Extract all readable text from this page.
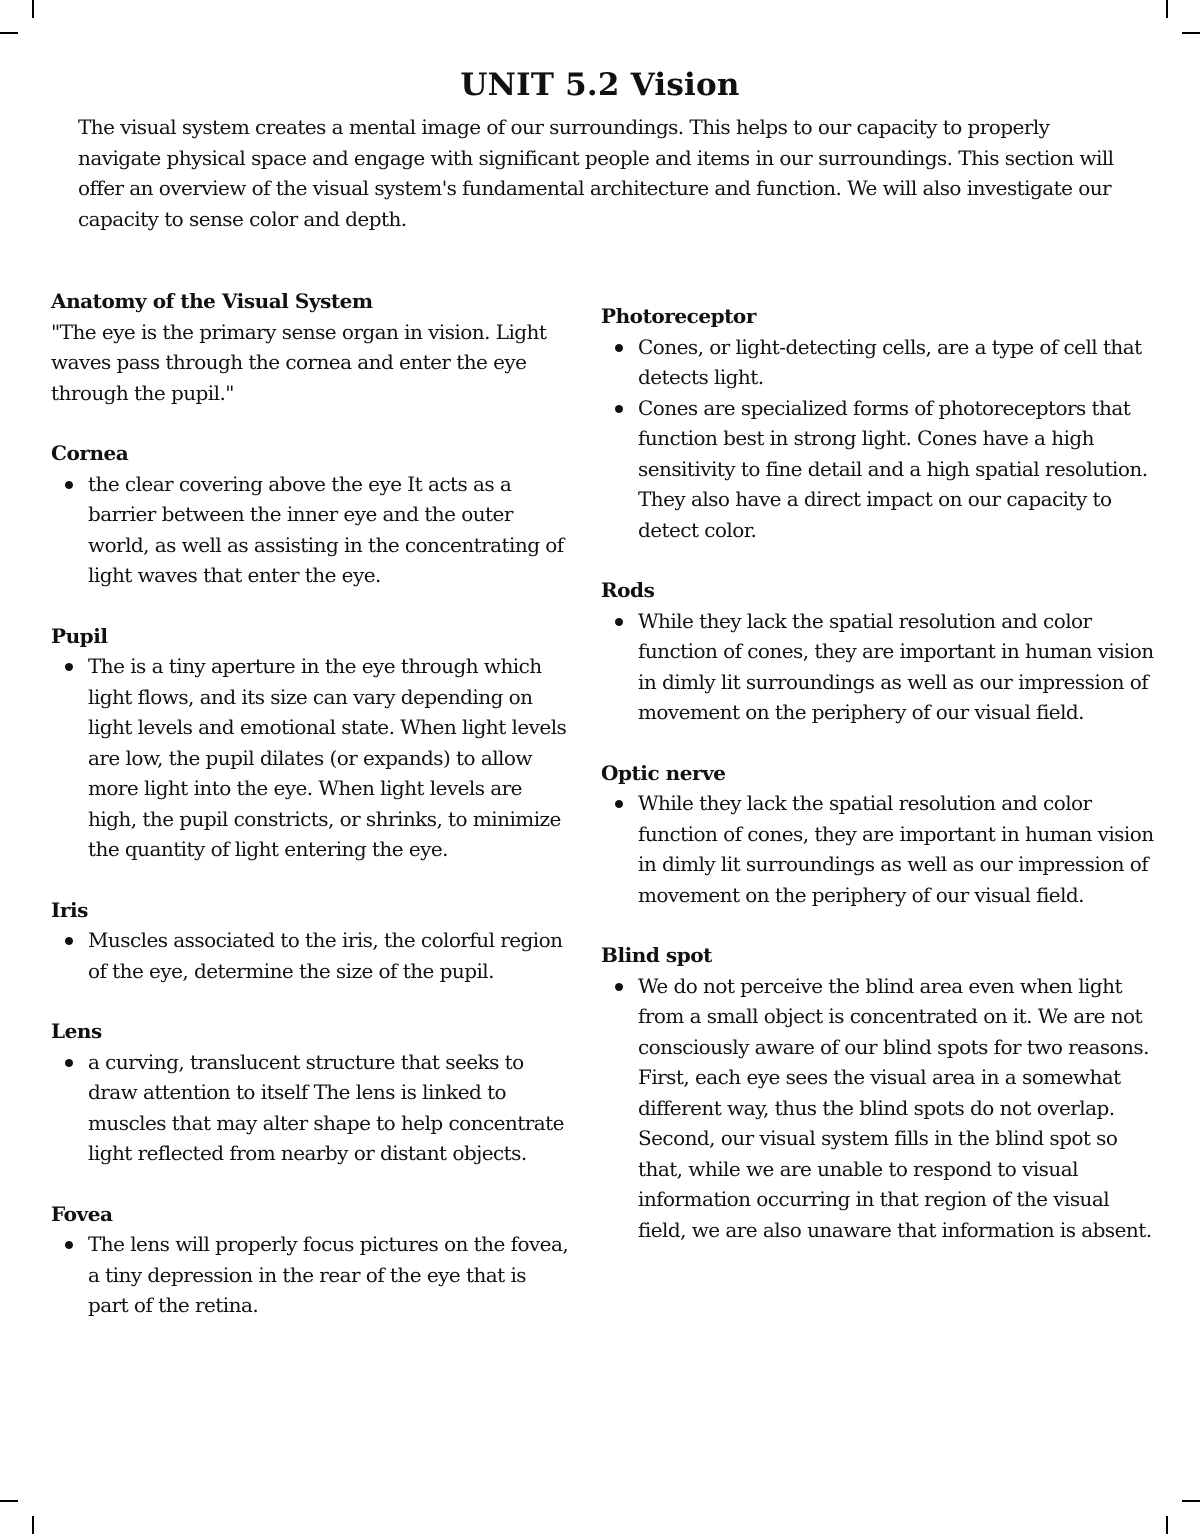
UNIT 5.2 Vision

The visual system creates a mental image of our surroundings. This helps to our capacity to properly navigate physical space and engage with significant people and items in our surroundings. This section will offer an overview of the visual system's fundamental architecture and function. We will also investigate our capacity to sense color and depth.

Anatomy of the Visual System

"The eye is the primary sense organ in vision. Light waves pass through the cornea and enter the eye through the pupil."

Cornea

the clear covering above the eye It acts as a barrier between the inner eye and the outer world, as well as assisting in the concentrating of light waves that enter the eye.

Pupil

The is a tiny aperture in the eye through which light flows, and its size can vary depending on light levels and emotional state. When light levels are low, the pupil dilates (or expands) to allow more light into the eye. When light levels are high, the pupil constricts, or shrinks, to minimize the quantity of light entering the eye.

Iris

Muscles associated to the iris, the colorful region of the eye, determine the size of the pupil.

Lens

a curving, translucent structure that seeks to draw attention to itself The lens is linked to muscles that may alter shape to help concentrate light reflected from nearby or distant objects.

Fovea

The lens will properly focus pictures on the fovea, a tiny depression in the rear of the eye that is part of the retina.

Photoreceptor

Cones, or light-detecting cells, are a type of cell that detects light.
Cones are specialized forms of photoreceptors that function best in strong light. Cones have a high sensitivity to fine detail and a high spatial resolution. They also have a direct impact on our capacity to detect color.

Rods

While they lack the spatial resolution and color function of cones, they are important in human vision in dimly lit surroundings as well as our impression of movement on the periphery of our visual field.

Optic nerve

While they lack the spatial resolution and color function of cones, they are important in human vision in dimly lit surroundings as well as our impression of movement on the periphery of our visual field.

Blind spot

We do not perceive the blind area even when light from a small object is concentrated on it. We are not consciously aware of our blind spots for two reasons. First, each eye sees the visual area in a somewhat different way, thus the blind spots do not overlap. Second, our visual system fills in the blind spot so that, while we are unable to respond to visual information occurring in that region of the visual field, we are also unaware that information is absent.
